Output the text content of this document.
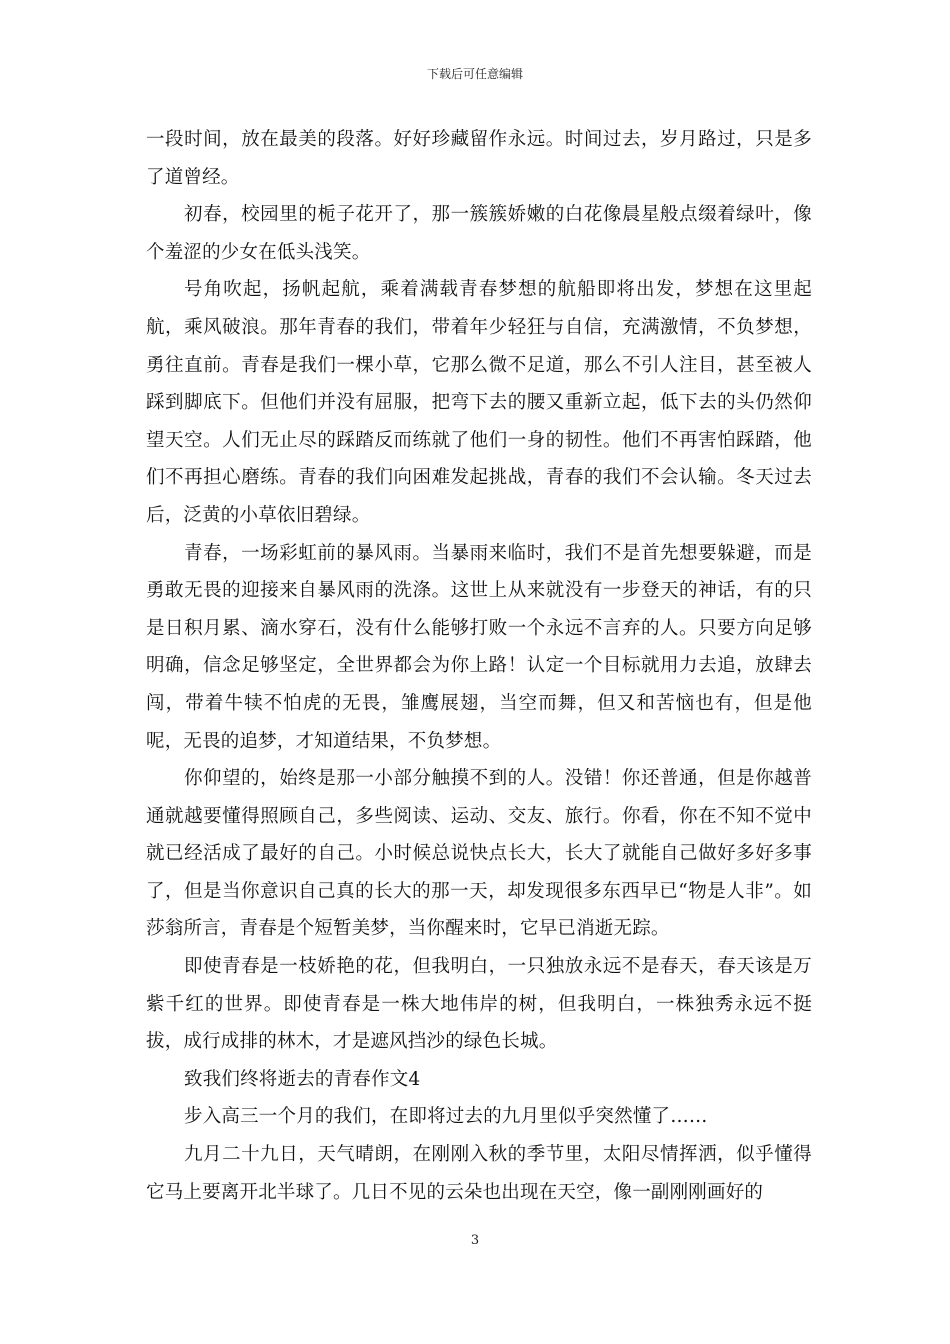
下载后可任意编辑

一段时间，放在最美的段落。好好珍藏留作永远。时间过去，岁月路过，只是多了道曾经。

初春，校园里的栀子花开了，那一簇簇娇嫩的白花像晨星般点缀着绿叶，像个羞涩的少女在低头浅笑。

号角吹起，扬帆起航，乘着满载青春梦想的航船即将出发，梦想在这里起航，乘风破浪。那年青春的我们，带着年少轻狂与自信，充满激情，不负梦想，勇往直前。青春是我们一棵小草，它那么微不足道，那么不引人注目，甚至被人踩到脚底下。但他们并没有屈服，把弯下去的腰又重新立起，低下去的头仍然仰望天空。人们无止尽的踩踏反而练就了他们一身的韧性。他们不再害怕踩踏，他们不再担心磨练。青春的我们向困难发起挑战，青春的我们不会认输。冬天过去后，泛黄的小草依旧碧绿。

青春，一场彩虹前的暴风雨。当暴雨来临时，我们不是首先想要躲避，而是勇敢无畏的迎接来自暴风雨的洗涤。这世上从来就没有一步登天的神话，有的只是日积月累、滴水穿石，没有什么能够打败一个永远不言弃的人。只要方向足够明确，信念足够坚定，全世界都会为你上路！认定一个目标就用力去追，放肆去闯，带着牛犊不怕虎的无畏，雏鹰展翅，当空而舞，但又和苦恼也有，但是他呢，无畏的追梦，才知道结果，不负梦想。

你仰望的，始终是那一小部分触摸不到的人。没错！你还普通，但是你越普通就越要懂得照顾自己，多些阅读、运动、交友、旅行。你看，你在不知不觉中就已经活成了最好的自己。小时候总说快点长大，长大了就能自己做好多好多事了，但是当你意识自己真的长大的那一天，却发现很多东西早已“物是人非”。如莎翁所言，青春是个短暂美梦，当你醒来时，它早已消逝无踪。

即使青春是一枝娇艳的花，但我明白，一只独放永远不是春天，春天该是万紫千红的世界。即使青春是一株大地伟岸的树，但我明白，一株独秀永远不挺拔，成行成排的林木，才是遮风挡沙的绿色长城。

致我们终将逝去的青春作文4

步入高三一个月的我们，在即将过去的九月里似乎突然懂了……

九月二十九日，天气晴朗，在刚刚入秋的季节里，太阳尽情挥洒，似乎懂得它马上要离开北半球了。几日不见的云朵也出现在天空，像一副刚刚画好的

3
